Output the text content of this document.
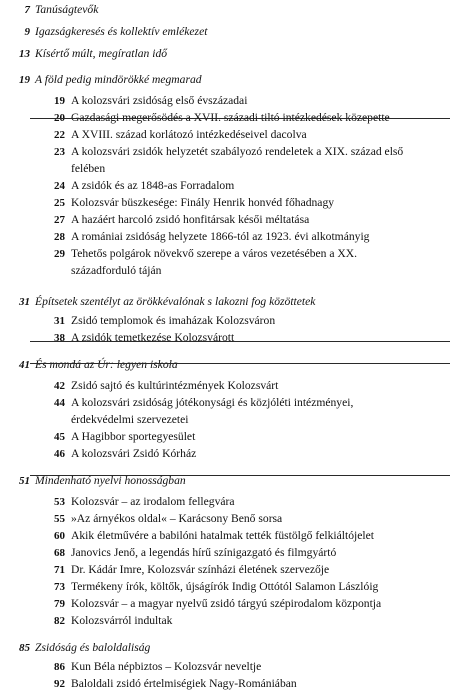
7 Tanúságtevők
9 Igazságkeresés és kollektív emlékezet
13 Kísértő múlt, megíratlan idő
19 A föld pedig mindörökké megmarad
19 A kolozsvári zsidóság első évszázadai
20 Gazdasági megerősödés a XVII. századi tiltó intézkedések közepette
22 A XVIII. század korlátozó intézkedéseivel dacolva
23 A kolozsvári zsidók helyzetét szabályozó rendeletek a XIX. század első
felében
24 A zsidók és az 1848-as Forradalom
25 Kolozsvár büszkesége: Finály Henrik honvéd főhadnagy
27 A hazáért harcoló zsidó honfitársak késői méltatása
28 A romániai zsidóság helyzete 1866-tól az 1923. évi alkotmányig
29 Tehetős polgárok növekvő szerepe a város vezetésében a XX.
századforduló táján
31 Építsetek szentélyt az örökkévalónak s lakozni fog közöttetek
31 Zsidó templomok és imaházak Kolozsváron
38 A zsidók temetkezése Kolozsvárott
41 És mondá az Úr: legyen iskola
42 Zsidó sajtó és kultúrintézmények Kolozsvárt
44 A kolozsvári zsidóság jótékonysági és közjóléti intézményei,
érdekvédelmi szervezetei
45 A Hagibbor sportegyesület
46 A kolozsvári Zsidó Kórház
51 Mindenható nyelvi honosságban
53 Kolozsvár – az irodalom fellegvára
55 »Az árnyékos oldal« – Karácsony Benő sorsa
60 Akik életművére a babilóni hatalmak tették füstölgő felkiáltójelet
68 Janovics Jenő, a legendás hírű színigazgató és filmgyártó
71 Dr. Kádár Imre, Kolozsvár színházi életének szervezője
73 Termékeny írók, költők, újságírók Indig Ottótól Salamon Lászlóig
79 Kolozsvár – a magyar nyelvű zsidó tárgyú szépirodalom központja
82 Kolozsvárról indultak
85 Zsidóság és baloldaliság
86 Kun Béla népbiztos – Kolozsvár neveltje
92 Baloldali zsidó értelmiségiek Nagy-Romániában
